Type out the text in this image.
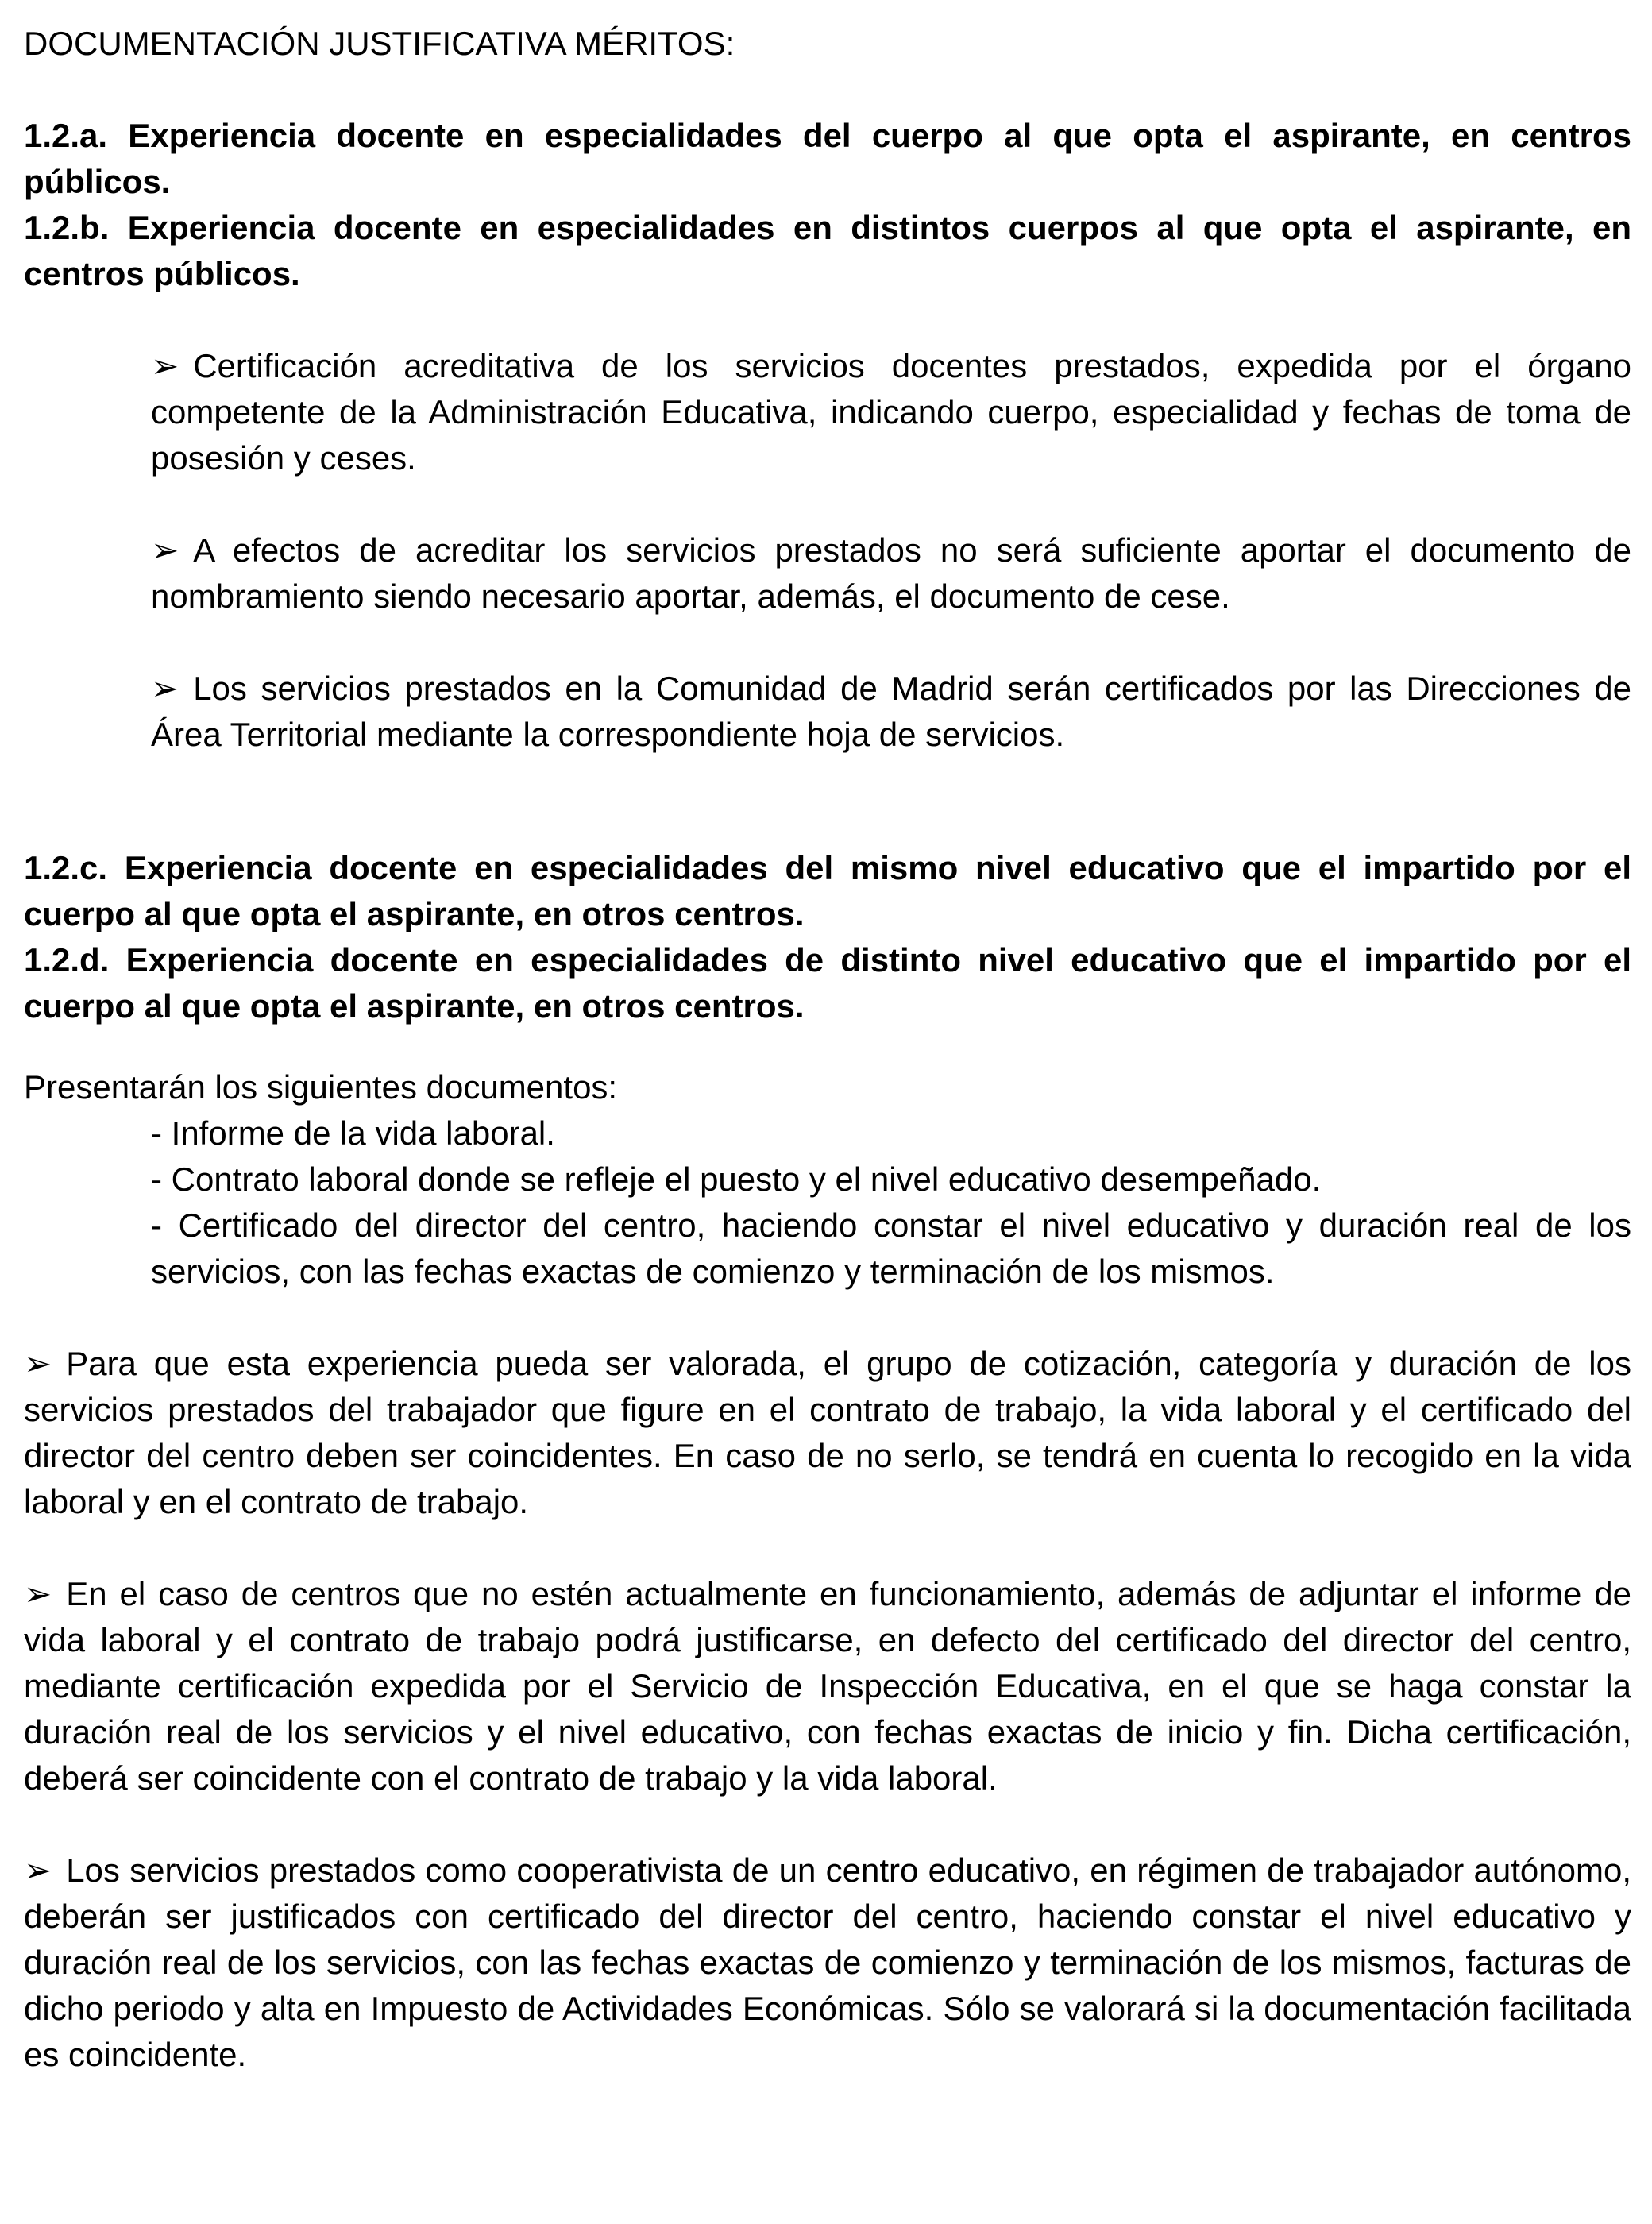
DOCUMENTACIÓN JUSTIFICATIVA MÉRITOS:

1.2.a. Experiencia docente en especialidades del cuerpo al que opta el aspirante, en centros públicos.

1.2.b. Experiencia docente en especialidades en distintos cuerpos al que opta el aspirante, en centros públicos.

➢ Certificación acreditativa de los servicios docentes prestados, expedida por el órgano competente de la Administración Educativa, indicando cuerpo, especialidad y fechas de toma de posesión y ceses.

➢ A efectos de acreditar los servicios prestados no será suficiente aportar el documento de nombramiento siendo necesario aportar, además, el documento de cese.

➢ Los servicios prestados en la Comunidad de Madrid serán certificados por las Direcciones de Área Territorial mediante la correspondiente hoja de servicios.

1.2.c. Experiencia docente en especialidades del mismo nivel educativo que el impartido por el cuerpo al que opta el aspirante, en otros centros.

1.2.d. Experiencia docente en especialidades de distinto nivel educativo que el impartido por el cuerpo al que opta el aspirante, en otros centros.

Presentarán los siguientes documentos:

- Informe de la vida laboral.

- Contrato laboral donde se refleje el puesto y el nivel educativo desempeñado.

- Certificado del director del centro, haciendo constar el nivel educativo y duración real de los servicios, con las fechas exactas de comienzo y terminación de los mismos.

➢ Para que esta experiencia pueda ser valorada, el grupo de cotización, categoría y duración de los servicios prestados del trabajador que figure en el contrato de trabajo, la vida laboral y el certificado del director del centro deben ser coincidentes. En caso de no serlo, se tendrá en cuenta lo recogido en la vida laboral y en el contrato de trabajo.

➢ En el caso de centros que no estén actualmente en funcionamiento, además de adjuntar el informe de vida laboral y el contrato de trabajo podrá justificarse, en defecto del certificado del director del centro, mediante certificación expedida por el Servicio de Inspección Educativa, en el que se haga constar la duración real de los servicios y el nivel educativo, con fechas exactas de inicio y fin. Dicha certificación, deberá ser coincidente con el contrato de trabajo y la vida laboral.

➢ Los servicios prestados como cooperativista de un centro educativo, en régimen de trabajador autónomo, deberán ser justificados con certificado del director del centro, haciendo constar el nivel educativo y duración real de los servicios, con las fechas exactas de comienzo y terminación de los mismos, facturas de dicho periodo y alta en Impuesto de Actividades Económicas. Sólo se valorará si la documentación facilitada es coincidente.
